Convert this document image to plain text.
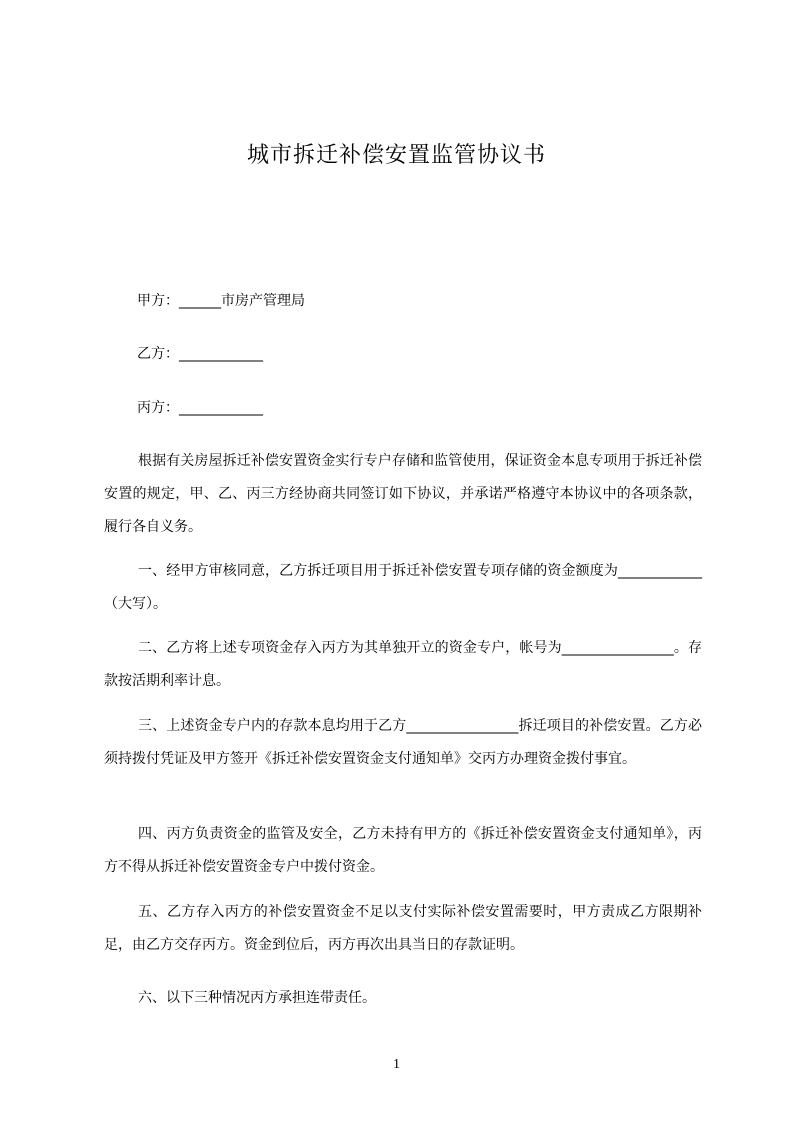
城市拆迁补偿安置监管协议书
甲方：______市房产管理局
乙方：____________
丙方：____________

根据有关房屋拆迁补偿安置资金实行专户存储和监管使用，保证资金本息专项用于拆迁补偿安置的规定，甲、乙、丙三方经协商共同签订如下协议，并承诺严格遵守本协议中的各项条款，履行各自义务。

一、经甲方审核同意，乙方拆迁项目用于拆迁补偿安置专项存储的资金额度为____________（大写）。

二、乙方将上述专项资金存入丙方为其单独开立的资金专户，帐号为________________。存款按活期利率计息。

三、上述资金专户内的存款本息均用于乙方________________拆迁项目的补偿安置。乙方必须持拨付凭证及甲方签开《拆迁补偿安置资金支付通知单》交丙方办理资金拨付事宜。

四、丙方负责资金的监管及安全，乙方未持有甲方的《拆迁补偿安置资金支付通知单》，丙方不得从拆迁补偿安置资金专户中拨付资金。

五、乙方存入丙方的补偿安置资金不足以支付实际补偿安置需要时，甲方责成乙方限期补足，由乙方交存丙方。资金到位后，丙方再次出具当日的存款证明。

六、以下三种情况丙方承担连带责任。

1
